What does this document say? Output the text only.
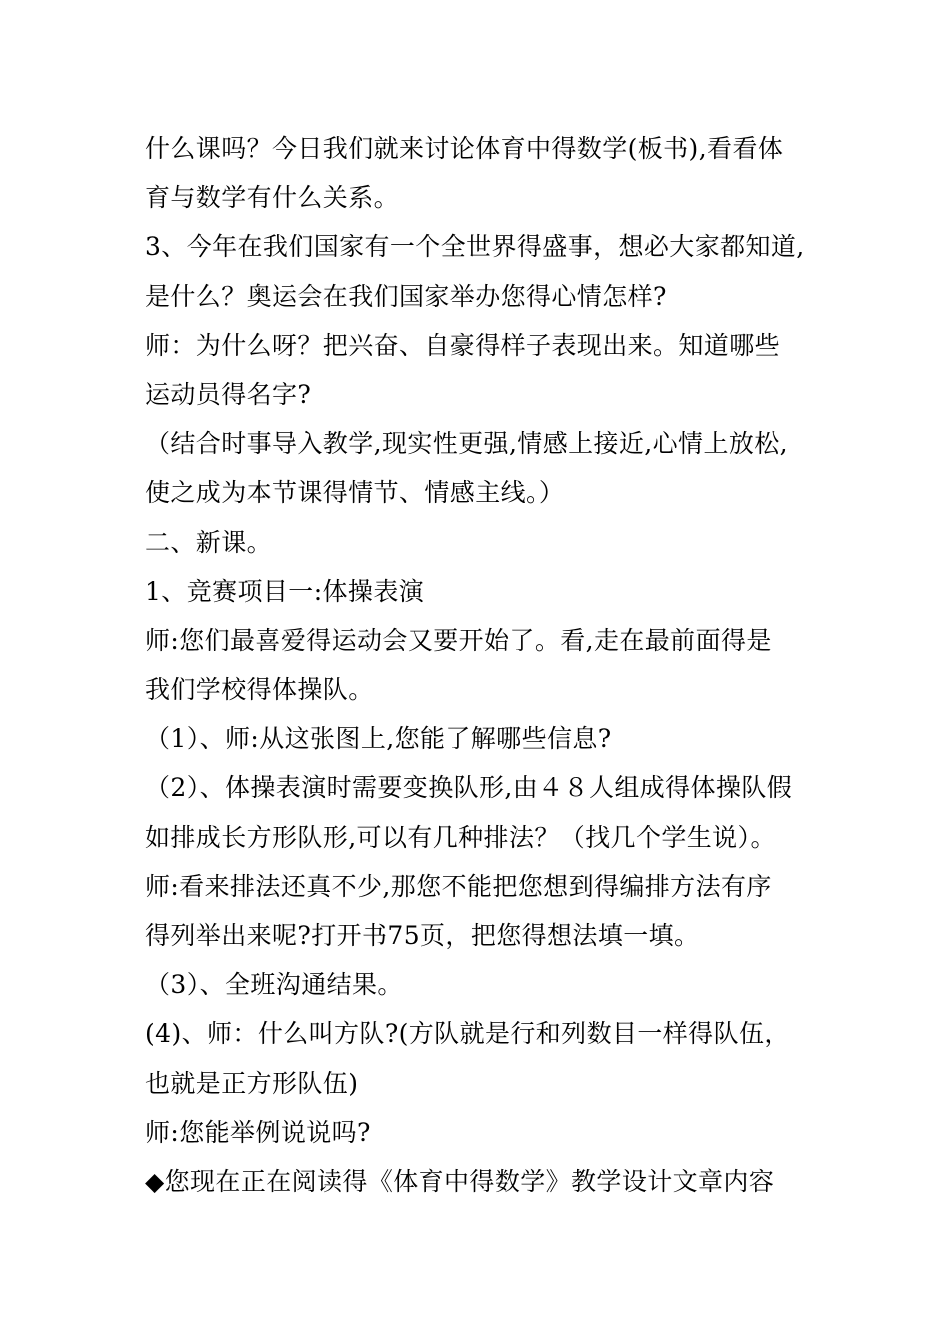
什么课吗？今日我们就来讨论体育中得数学(板书),看看体
育与数学有什么关系。
3、今年在我们国家有一个全世界得盛事，想必大家都知道,
是什么？奥运会在我们国家举办您得心情怎样?
师：为什么呀？把兴奋、自豪得样子表现出来。知道哪些
运动员得名字?
（结合时事导入教学,现实性更强,情感上接近,心情上放松,
使之成为本节课得情节、情感主线。）
二、新课。
1、竞赛项目一:体操表演
师:您们最喜爱得运动会又要开始了。看,走在最前面得是
我们学校得体操队。
（1）、师:从这张图上,您能了解哪些信息?
（2）、体操表演时需要变换队形,由４８人组成得体操队假
如排成长方形队形,可以有几种排法？（找几个学生说）。
师:看来排法还真不少,那您不能把您想到得编排方法有序
得列举出来呢?打开书75页，把您得想法填一填。
（3）、全班沟通结果。
(4)、师：什么叫方队?(方队就是行和列数目一样得队伍，
也就是正方形队伍)
师:您能举例说说吗?
◆您现在正在阅读得《体育中得数学》教学设计文章内容
